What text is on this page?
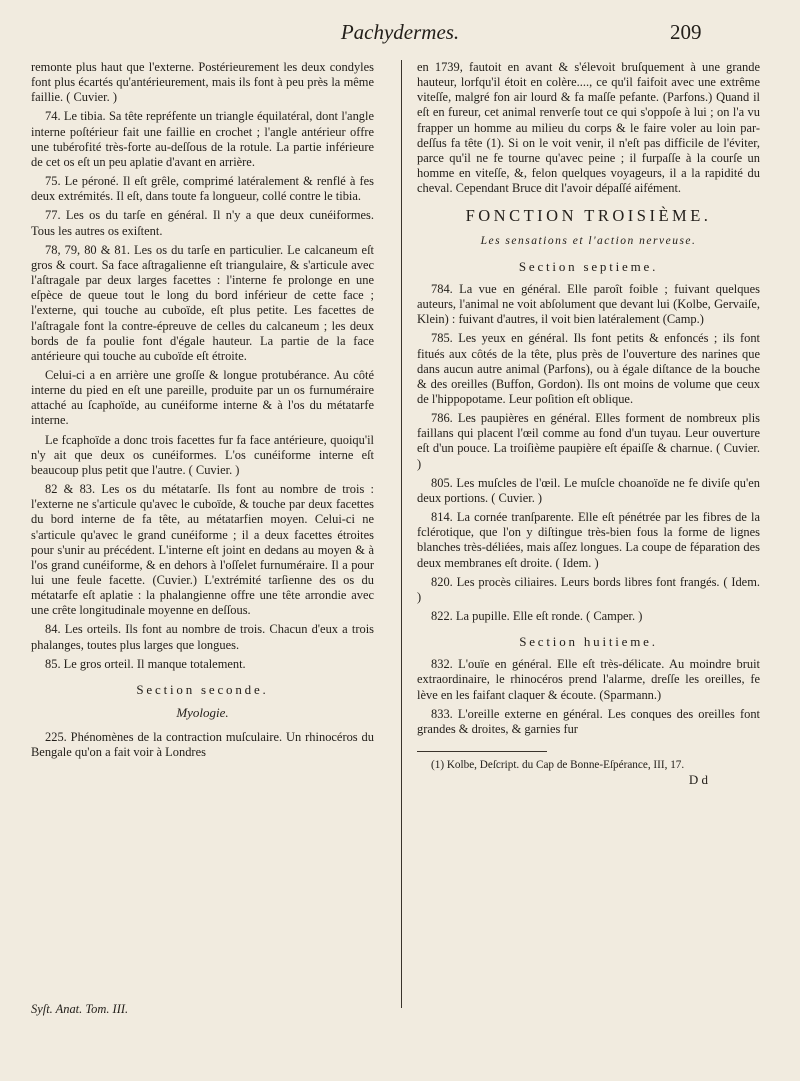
Pachydermes.	209

remonte plus haut que l'externe. Postérieurement les deux condyles font plus écartés qu'antérieurement, mais ils font à peu près la même faillie. ( Cuvier. )

74. Le tibia. Sa tête repréfente un triangle équilatéral, dont l'angle interne poſtérieur fait une faillie en crochet ; l'angle antérieur offre une tubérofité très-forte au-deſſous de la rotule. La partie inférieure de cet os eſt un peu aplatie d'avant en arrière.

75. Le péroné. Il eſt grêle, comprimé latéralement & renflé à fes deux extrémités. Il eſt, dans toute fa longueur, collé contre le tibia.

77. Les os du tarſe en général. Il n'y a que deux cunéiformes. Tous les autres os exiſtent.

78, 79, 80 & 81. Les os du tarſe en particulier. Le calcaneum eſt gros & court. Sa face aſtragalienne eſt triangulaire, & s'articule avec l'aſtragale par deux larges facettes : l'interne fe prolonge en une eſpèce de queue tout le long du bord inférieur de cette face ; l'externe, qui touche au cuboïde, eſt plus petite. Les facettes de l'aſtragale font la contre-épreuve de celles du calcaneum ; les deux bords de fa poulie font d'égale hauteur. La partie de la face antérieure qui touche au cuboïde eſt étroite.

Celui-ci a en arrière une groſſe & longue protubérance. Au côté interne du pied en eſt une pareille, produite par un os furnuméraire attaché au ſcaphoïde, au cunéiforme interne & à l'os du métatarfe interne.

Le fcaphoïde a donc trois facettes fur fa face antérieure, quoiqu'il n'y ait que deux os cunéiformes. L'os cunéiforme interne eſt beaucoup plus petit que l'autre. ( Cuvier. )

82 & 83. Les os du métatarſe. Ils font au nombre de trois : l'externe ne s'articule qu'avec le cuboïde, & touche par deux facettes du bord interne de fa tête, au métatarfien moyen. Celui-ci ne s'articule qu'avec le grand cunéiforme ; il a deux facettes étroites pour s'unir au précédent. L'interne eſt joint en dedans au moyen & à l'os grand cunéiforme, & en dehors à l'oſſelet furnuméraire. Il a pour lui une feule facette. (Cuvier.) L'extrémité tarſienne des os du métatarfe eſt aplatie : la phalangienne offre une tête arrondie avec une crête longitudinale moyenne en deſſous.

84. Les orteils. Ils font au nombre de trois. Chacun d'eux a trois phalanges, toutes plus larges que longues.

85. Le gros orteil. Il manque totalement.

Section seconde.
Myologie.

225. Phénomènes de la contraction muſculaire. Un rhinocéros du Bengale qu'on a fait voir à Londres

Syſt. Anat. Tom. III.

en 1739, fautoit en avant & s'élevoit bruſquement à une grande hauteur, lorfqu'il étoit en colère...., ce qu'il faifoit avec une extrême viteſſe, malgré fon air lourd & fa maſſe pefante. (Parfons.) Quand il eſt en fureur, cet animal renverſe tout ce qui s'oppoſe à lui ; on l'a vu frapper un homme au milieu du corps & le faire voler au loin par-deſſus fa tête (1). Si on le voit venir, il n'eſt pas difficile de l'éviter, parce qu'il ne fe tourne qu'avec peine ; il furpaſſe à la courſe un homme en viteſſe, &, felon quelques voyageurs, il a la rapidité du cheval. Cependant Bruce dit l'avoir dépaſſé aifément.

FONCTION TROISIÈME.
Les sensations et l'action nerveuse.
Section septieme.

784. La vue en général. Elle paroît foible ; fuivant quelques auteurs, l'animal ne voit abſolument que devant lui (Kolbe, Gervaiſe, Klein) : fuivant d'autres, il voit bien latéralement (Camp.)

785. Les yeux en général. Ils font petits & enfoncés ; ils font fitués aux côtés de la tête, plus près de l'ouverture des narines que dans aucun autre animal (Parfons), ou à égale diſtance de la bouche & des oreilles (Buffon, Gordon). Ils ont moins de volume que ceux de l'hippopotame. Leur poſition eſt oblique.

786. Les paupières en général. Elles forment de nombreux plis faillans qui placent l'œil comme au fond d'un tuyau. Leur ouverture eſt d'un pouce. La troiſième paupière eſt épaiſſe & charnue. ( Cuvier. )

805. Les muſcles de l'œil. Le muſcle choanoïde ne fe diviſe qu'en deux portions. ( Cuvier. )

814. La cornée tranſparente. Elle eſt pénétrée par les fibres de la fclérotique, que l'on y diſtingue très-bien fous la forme de lignes blanches très-déliées, mais aſſez longues. La coupe de féparation des deux membranes eſt droite. ( Idem. )

820. Les procès ciliaires. Leurs bords libres font frangés. ( Idem. )

822. La pupille. Elle eſt ronde. ( Camper. )

Section huitieme.

832. L'ouïe en général. Elle eſt très-délicate. Au moindre bruit extraordinaire, le rhinocéros prend l'alarme, dreſſe les oreilles, fe lève en les faifant claquer & écoute. (Sparmann.)

833. L'oreille externe en général. Les conques des oreilles font grandes & droites, & garnies fur

(1) Kolbe, Deſcript. du Cap de Bonne-Eſpérance, III, 17.

D d
